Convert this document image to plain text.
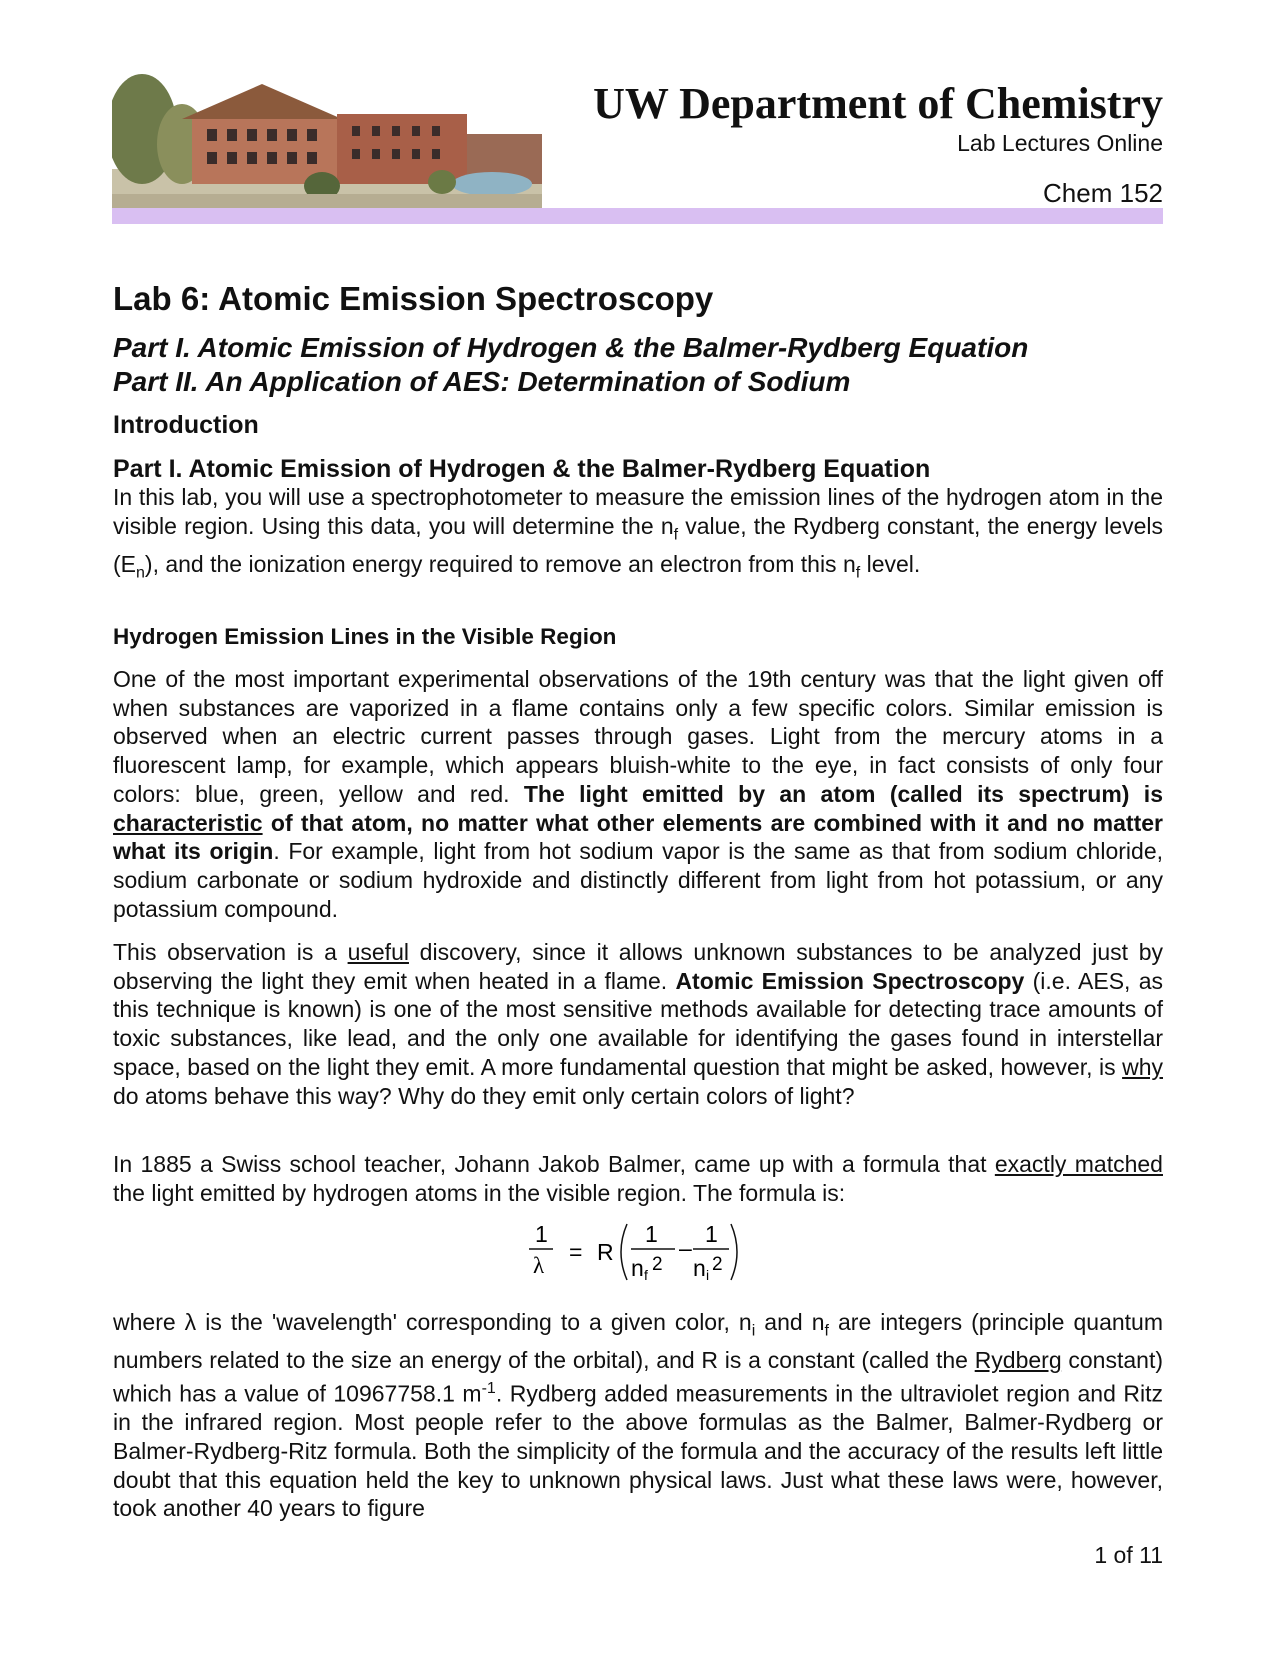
UW Department of Chemistry
Lab Lectures Online
Chem 152
Lab 6: Atomic Emission Spectroscopy
Part I. Atomic Emission of Hydrogen & the Balmer-Rydberg Equation
Part II. An Application of AES: Determination of Sodium
Introduction
Part I. Atomic Emission of Hydrogen & the Balmer-Rydberg Equation

In this lab, you will use a spectrophotometer to measure the emission lines of the hydrogen atom in the visible region. Using this data, you will determine the $n_f$ value, the Rydberg constant, the energy levels $(E_n)$, and the ionization energy required to remove an electron from this $n_f$ level.

Hydrogen Emission Lines in the Visible Region

One of the most important experimental observations of the 19th century was that the light given off when substances are vaporized in a flame contains only a few specific colors. Similar emission is observed when an electric current passes through gases. Light from the mercury atoms in a fluorescent lamp, for example, which appears bluish-white to the eye, in fact consists of only four colors: blue, green, yellow and red. The light emitted by an atom (called its spectrum) is characteristic of that atom, no matter what other elements are combined with it and no matter what its origin. For example, light from hot sodium vapor is the same as that from sodium chloride, sodium carbonate or sodium hydroxide and distinctly different from light from hot potassium, or any potassium compound.

This observation is a useful discovery, since it allows unknown substances to be analyzed just by observing the light they emit when heated in a flame. Atomic Emission Spectroscopy (i.e. AES, as this technique is known) is one of the most sensitive methods available for detecting trace amounts of toxic substances, like lead, and the only one available for identifying the gases found in interstellar space, based on the light they emit. A more fundamental question that might be asked, however, is why do atoms behave this way? Why do they emit only certain colors of light?

In 1885 a Swiss school teacher, Johann Jakob Balmer, came up with a formula that exactly matched the light emitted by hydrogen atoms in the visible region. The formula is:

1
λ
= R
1
n f 2
–
1
n i 2

where λ is the 'wavelength' corresponding to a given color, $n_i$ and $n_f$ are integers (principle quantum numbers related to the size an energy of the orbital), and R is a constant (called the Rydberg constant) which has a value of 10967758.1 $m^{-1}$. Rydberg added measurements in the ultraviolet region and Ritz in the infrared region. Most people refer to the above formulas as the Balmer, Balmer-Rydberg or Balmer-Rydberg-Ritz formula. Both the simplicity of the formula and the accuracy of the results left little doubt that this equation held the key to unknown physical laws. Just what these laws were, however, took another 40 years to figure

1 of 11
